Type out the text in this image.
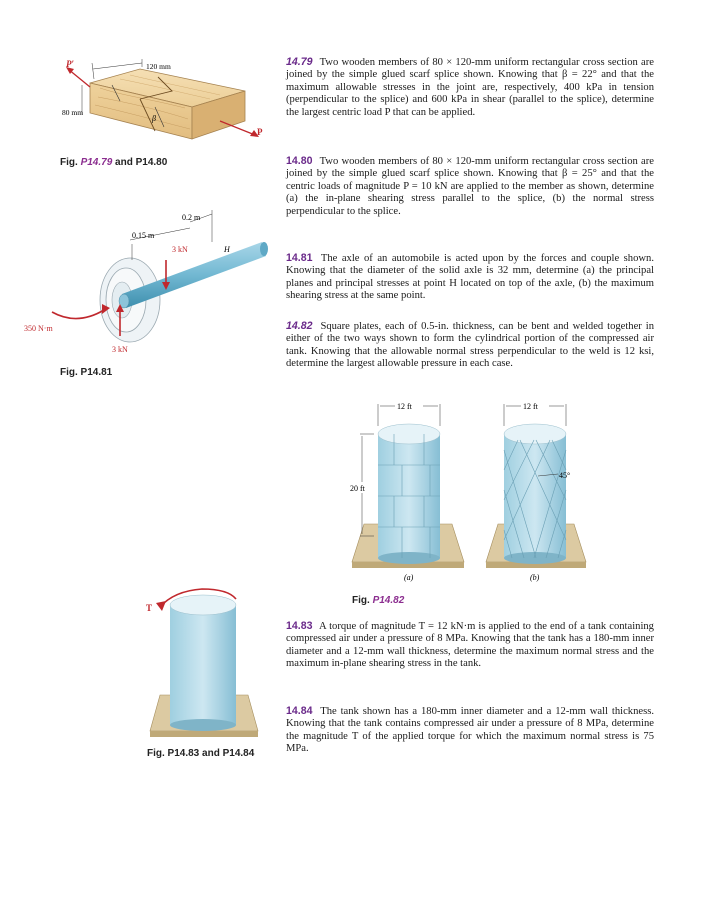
P′
P
120 mm
80 mm
β
Fig. P14.79 and P14.80
0.15 m
0.2 m
3 kN	H
3 kN
350 N·m
Fig. P14.81
12 ft	12 ft
20 ft
45°
(a)	(b)
Fig. P14.82
T
Fig. P14.83 and P14.84
14.79 Two wooden members of 80 × 120-mm uniform rectangular cross section are joined by the simple glued scarf splice shown. Knowing that β = 22° and that the maximum allowable stresses in the joint are, respectively, 400 kPa in tension (perpendicular to the splice) and 600 kPa in shear (parallel to the splice), determine the largest centric load P that can be applied.
14.80 Two wooden members of 80 × 120-mm uniform rectangular cross section are joined by the simple glued scarf splice shown. Knowing that β = 25° and that the centric loads of magnitude P = 10 kN are applied to the member as shown, determine (a) the in-plane shearing stress parallel to the splice, (b) the normal stress perpendicular to the splice.
14.81 The axle of an automobile is acted upon by the forces and couple shown. Knowing that the diameter of the solid axle is 32 mm, determine (a) the principal planes and principal stresses at point H located on top of the axle, (b) the maximum shearing stress at the same point.
14.82 Square plates, each of 0.5-in. thickness, can be bent and welded together in either of the two ways shown to form the cylindrical portion of the compressed air tank. Knowing that the allowable normal stress perpendicular to the weld is 12 ksi, determine the largest allowable pressure in each case.
14.83 A torque of magnitude T = 12 kN·m is applied to the end of a tank containing compressed air under a pressure of 8 MPa. Knowing that the tank has a 180-mm inner diameter and a 12-mm wall thickness, determine the maximum normal stress and the maximum in-plane shearing stress in the tank.
14.84 The tank shown has a 180-mm inner diameter and a 12-mm wall thickness. Knowing that the tank contains compressed air under a pressure of 8 MPa, determine the magnitude T of the applied torque for which the maximum normal stress is 75 MPa.
